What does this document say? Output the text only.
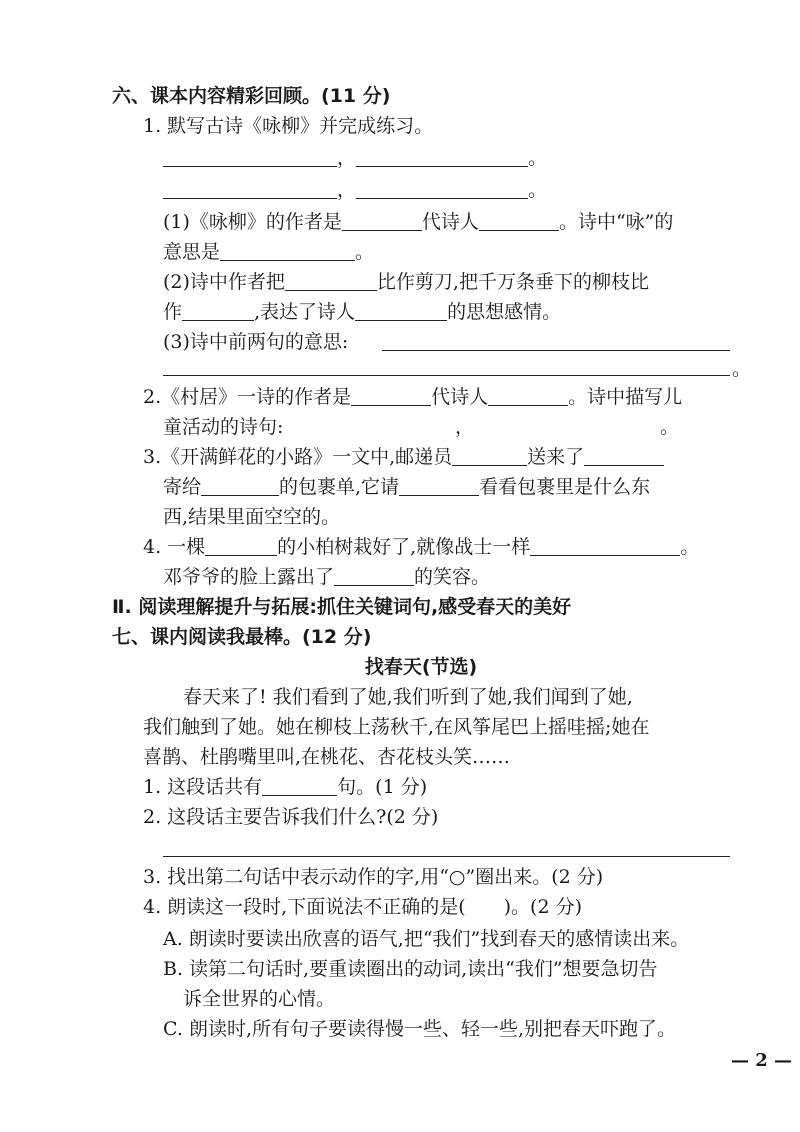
六、课本内容精彩回顾。(11 分)
1. 默写古诗《咏柳》并完成练习。
，	。
，	。
(1)《咏柳》的作者是	代诗人	。诗中“咏”的
意思是	。
(2)诗中作者把	比作剪刀,把千万条垂下的柳枝比
作	,表达了诗人	的思想感情。
(3)诗中前两句的意思:
。
2.《村居》一诗的作者是	代诗人	。诗中描写儿
童活动的诗句:	，	。
3.《开满鲜花的小路》一文中,邮递员	送来了
寄给	的包裹单,它请	看看包裹里是什么东
西,结果里面空空的。
4. 一棵	的小柏树栽好了,就像战士一样	。
邓爷爷的脸上露出了	的笑容。
Ⅱ. 阅读理解提升与拓展:抓住关键词句,感受春天的美好
七、课内阅读我最棒。(12 分)
找春天(节选)
春天来了! 我们看到了她,我们听到了她,我们闻到了她,
我们触到了她。她在柳枝上荡秋千,在风筝尾巴上摇哇摇;她在
喜鹊、杜鹃嘴里叫,在桃花、杏花枝头笑……
1. 这段话共有	句。(1 分)
2. 这段话主要告诉我们什么?(2 分)
3. 找出第二句话中表示动作的字,用“○”圈出来。(2 分)
4. 朗读这一段时,下面说法不正确的是(　　)。(2 分)
A. 朗读时要读出欣喜的语气,把“我们”找到春天的感情读出来。
B. 读第二句话时,要重读圈出的动词,读出“我们”想要急切告
诉全世界的心情。
C. 朗读时,所有句子要读得慢一些、轻一些,别把春天吓跑了。
— 2 —
